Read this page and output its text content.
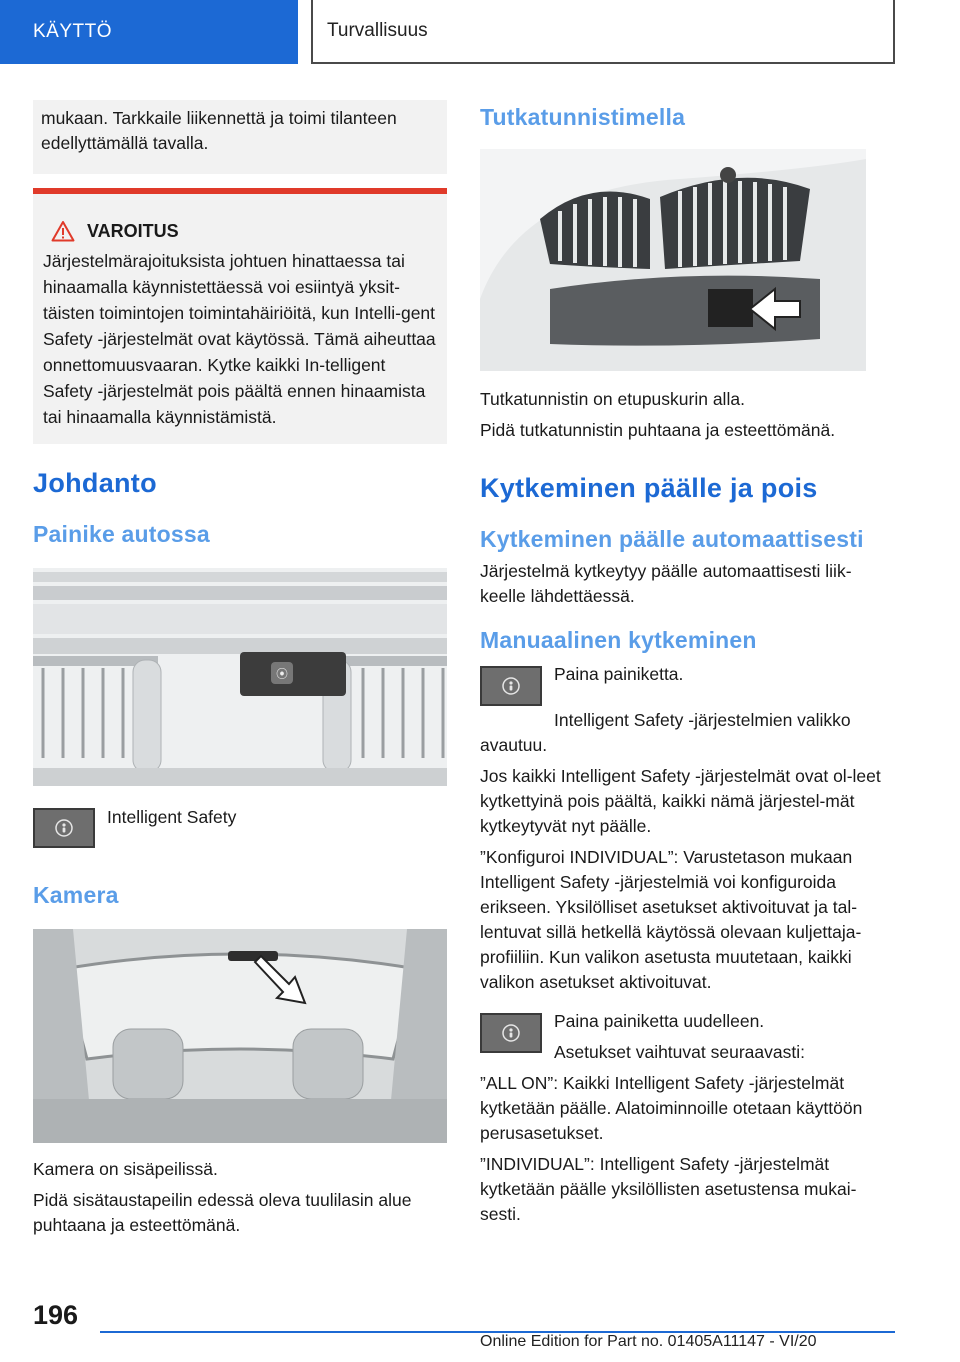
KÄYTTÖ	Turvallisuus
mukaan. Tarkkaile liikennettä ja toimi tilanteen edellyttämällä tavalla.
VAROITUS
Järjestelmärajoituksista johtuen hinattaessa tai hinaamalla käynnistettäessä voi esiintyä yksit-täisten toimintojen toimintahäiriöitä, kun Intelli-gent Safety -järjestelmät ovat käytössä. Tämä aiheuttaa onnettomuusvaaran. Kytke kaikki In-telligent Safety -järjestelmät pois päältä ennen hinaamista tai hinaamalla käynnistämistä.
Johdanto
Painike autossa
⦿
Intelligent Safety
Kamera

Kamera on sisäpeilissä.

Pidä sisätaustapeilin edessä oleva tuulilasin alue puhtaana ja esteettömänä.

Tutkatunnistimella

Tutkatunnistin on etupuskurin alla.

Pidä tutkatunnistin puhtaana ja esteettömänä.

Kytkeminen päälle ja pois
Kytkeminen päälle automaattisesti

Järjestelmä kytkeytyy päälle automaattisesti liik-keelle lähdettäessä.

Manuaalinen kytkeminen

Paina painiketta.

Intelligent Safety -järjestelmien valikko avautuu.

Jos kaikki Intelligent Safety -järjestelmät ovat ol-leet kytkettyinä pois päältä, kaikki nämä järjestel-mät kytkeytyvät nyt päälle.

”Konfiguroi INDIVIDUAL”: Varustetason mukaan Intelligent Safety -järjestelmiä voi konfiguroida erikseen. Yksilölliset asetukset aktivoituvat ja tal-lentuvat sillä hetkellä käytössä olevaan kuljettaja-profiiliin. Kun valikon asetusta muutetaan, kaikki valikon asetukset aktivoituvat.

Paina painiketta uudelleen.

Asetukset vaihtuvat seuraavasti:

”ALL ON”: Kaikki Intelligent Safety -järjestelmät kytketään päälle. Alatoiminnoille otetaan käyttöön perusasetukset.

”INDIVIDUAL”: Intelligent Safety -järjestelmät kytketään päälle yksilöllisten asetustensa mukai-sesti.

196
Online Edition for Part no. 01405A11147 - VI/20
